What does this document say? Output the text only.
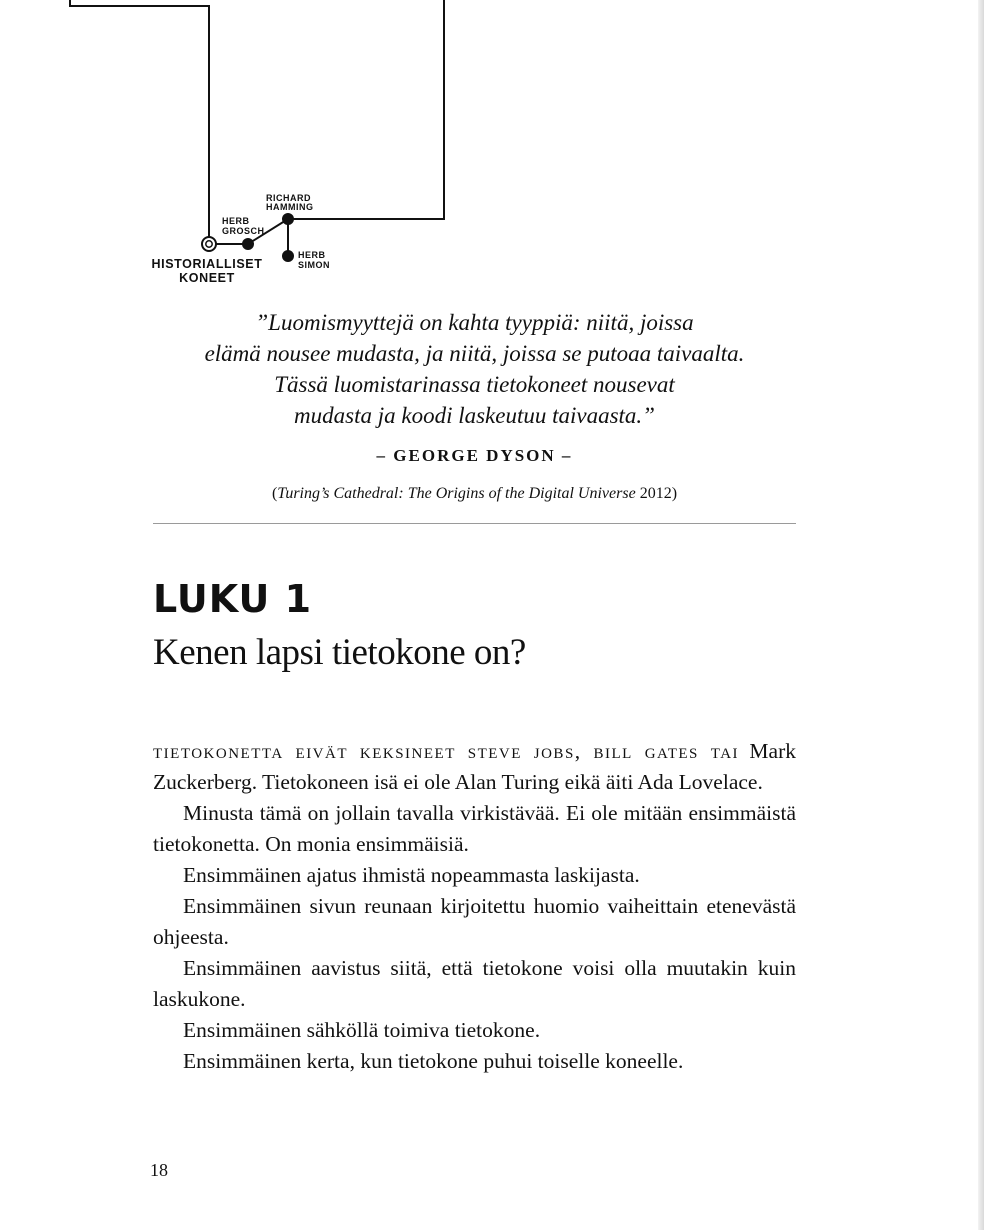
RICHARD
HAMMING
HERB
GROSCH
HERB
SIMON
HISTORIALLISET
KONEET

”Luomismyyttejä on kahta tyyppiä: niitä, joissa
elämä nousee mudasta, ja niitä, joissa se putoaa taivaalta.
Tässä luomistarinassa tietokoneet nousevat
mudasta ja koodi laskeutuu taivaasta.”

– GEORGE DYSON –
(Turing’s Cathedral: The Origins of the Digital Universe 2012)
LUKU 1
Kenen lapsi tietokone on?

tietokonetta eivät keksineet steve jobs, bill gates tai Mark Zuckerberg. Tietokoneen isä ei ole Alan Turing eikä äiti Ada Lovelace.

Minusta tämä on jollain tavalla virkistävää. Ei ole mitään ensimmäistä tietokonetta. On monia ensimmäisiä.

Ensimmäinen ajatus ihmistä nopeammasta laskijasta.

Ensimmäinen sivun reunaan kirjoitettu huomio vaiheittain etenevästä ohjeesta.

Ensimmäinen aavistus siitä, että tietokone voisi olla muutakin kuin laskukone.

Ensimmäinen sähköllä toimiva tietokone.

Ensimmäinen kerta, kun tietokone puhui toiselle koneelle.

18
